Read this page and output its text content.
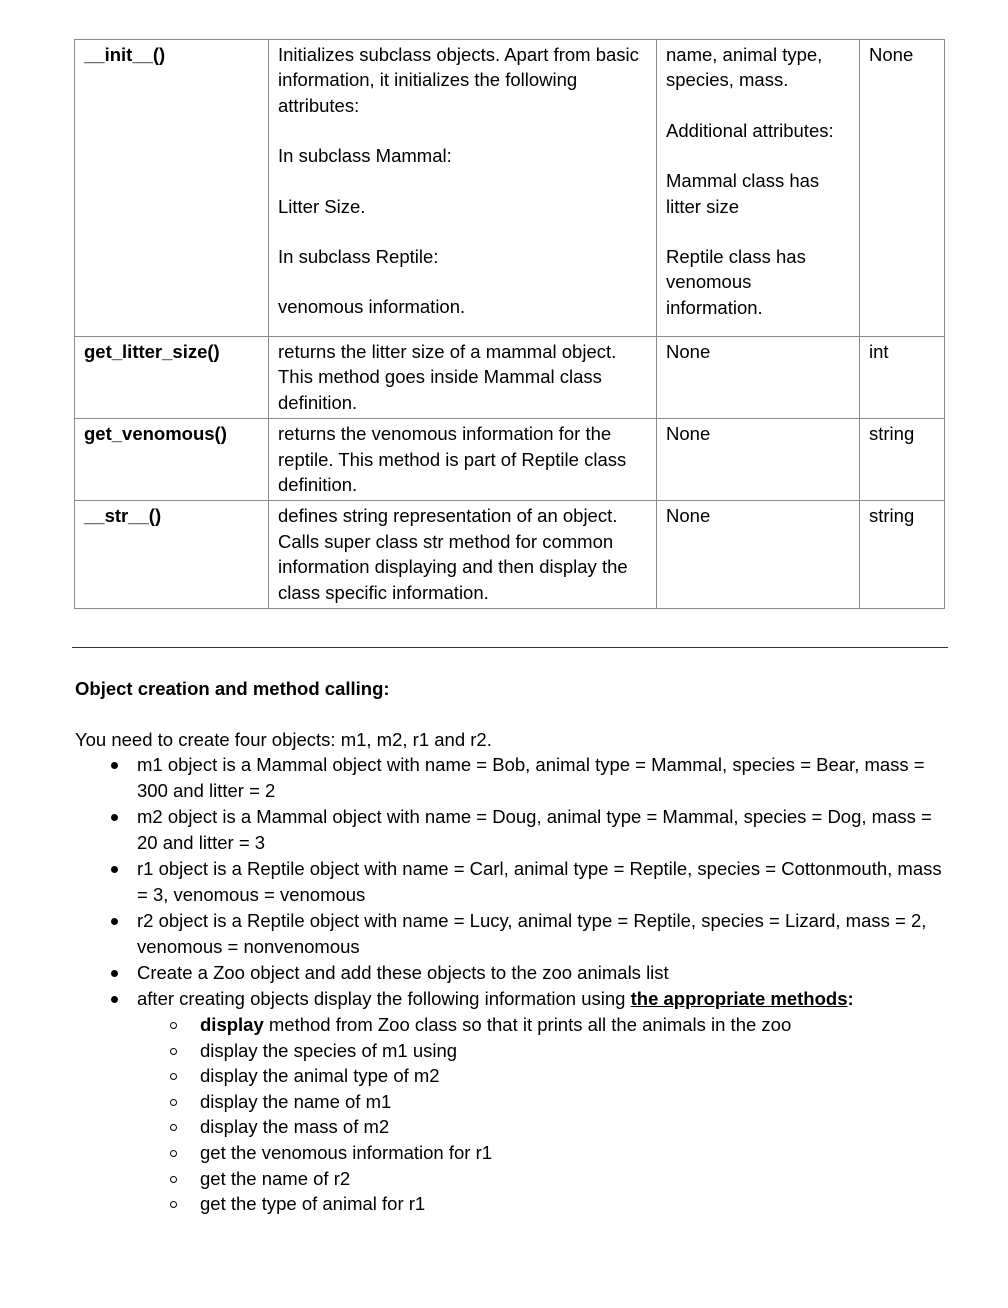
__init__()	Initializes subclass objects. Apart from basic information, it initializes the following attributes:
In subclass Mammal:
Litter Size.
In subclass Reptile:
venomous information.	name, animal type, species, mass.
Additional attributes:
Mammal class has litter size
Reptile class has venomous information.	None
get_litter_size()	returns the litter size of a mammal object. This method goes inside Mammal class definition.	None	int
get_venomous()	returns the venomous information for the reptile. This method is part of Reptile class definition.	None	string
__str__()	defines string representation of an object. Calls super class str method for common information displaying and then display the class specific information.	None	string
Object creation and method calling:

You need to create four objects: m1, m2, r1 and r2.

m1 object is a Mammal object with name = Bob, animal type = Mammal, species = Bear, mass = 300 and litter = 2
m2 object is a Mammal object with name = Doug, animal type = Mammal, species = Dog, mass = 20 and litter = 3
r1 object is a Reptile object with name = Carl, animal type = Reptile, species = Cottonmouth, mass = 3, venomous = venomous
r2 object is a Reptile object with name = Lucy, animal type = Reptile, species = Lizard, mass = 2, venomous = nonvenomous
Create a Zoo object and add these objects to the zoo animals list
after creating objects display the following information using the appropriate methods:
display method from Zoo class so that it prints all the animals in the zoo
display the species of m1 using
display the animal type of m2
display the name of m1
display the mass of m2
get the venomous information for r1
get the name of r2
get the type of animal for r1
